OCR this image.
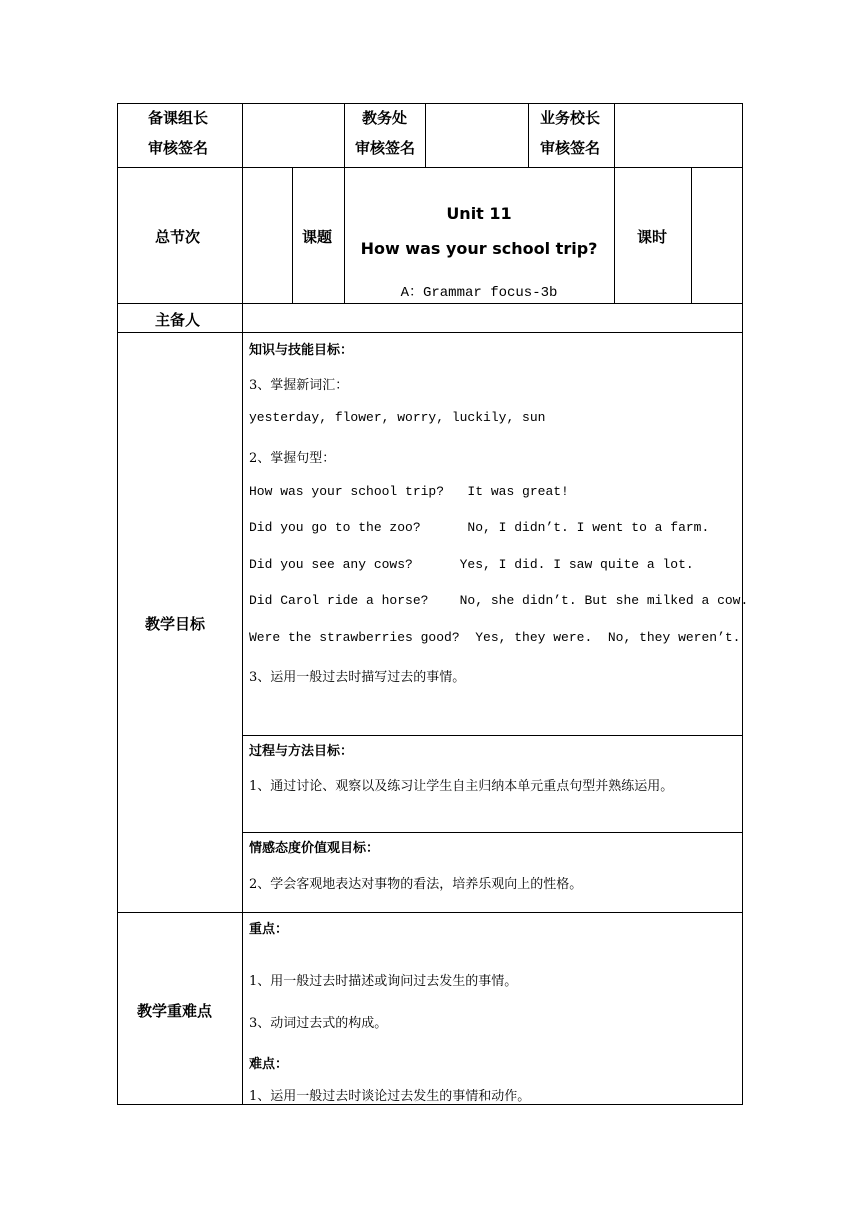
备课组长
审核签名
教务处
审核签名
业务校长
审核签名
总节次	课题
Unit 11
How was your school trip?
A：Grammar focus-3b
课时
主备人
教学目标
知识与技能目标：
3、掌握新词汇：
yesterday, flower, worry, luckily, sun
2、掌握句型：
How was your school trip?   It was great!
Did you go to the zoo?      No, I didn’t. I went to a farm.
Did you see any cows?      Yes, I did. I saw quite a lot.
Did Carol ride a horse?    No, she didn’t. But she milked a cow.
Were the strawberries good?  Yes, they were.  No, they weren’t.
3、运用一般过去时描写过去的事情。
过程与方法目标：
1、通过讨论、观察以及练习让学生自主归纳本单元重点句型并熟练运用。
情感态度价值观目标：
2、学会客观地表达对事物的看法，培养乐观向上的性格。
教学重难点
重点：
1、用一般过去时描述或询问过去发生的事情。
3、动词过去式的构成。
难点：
1、运用一般过去时谈论过去发生的事情和动作。
